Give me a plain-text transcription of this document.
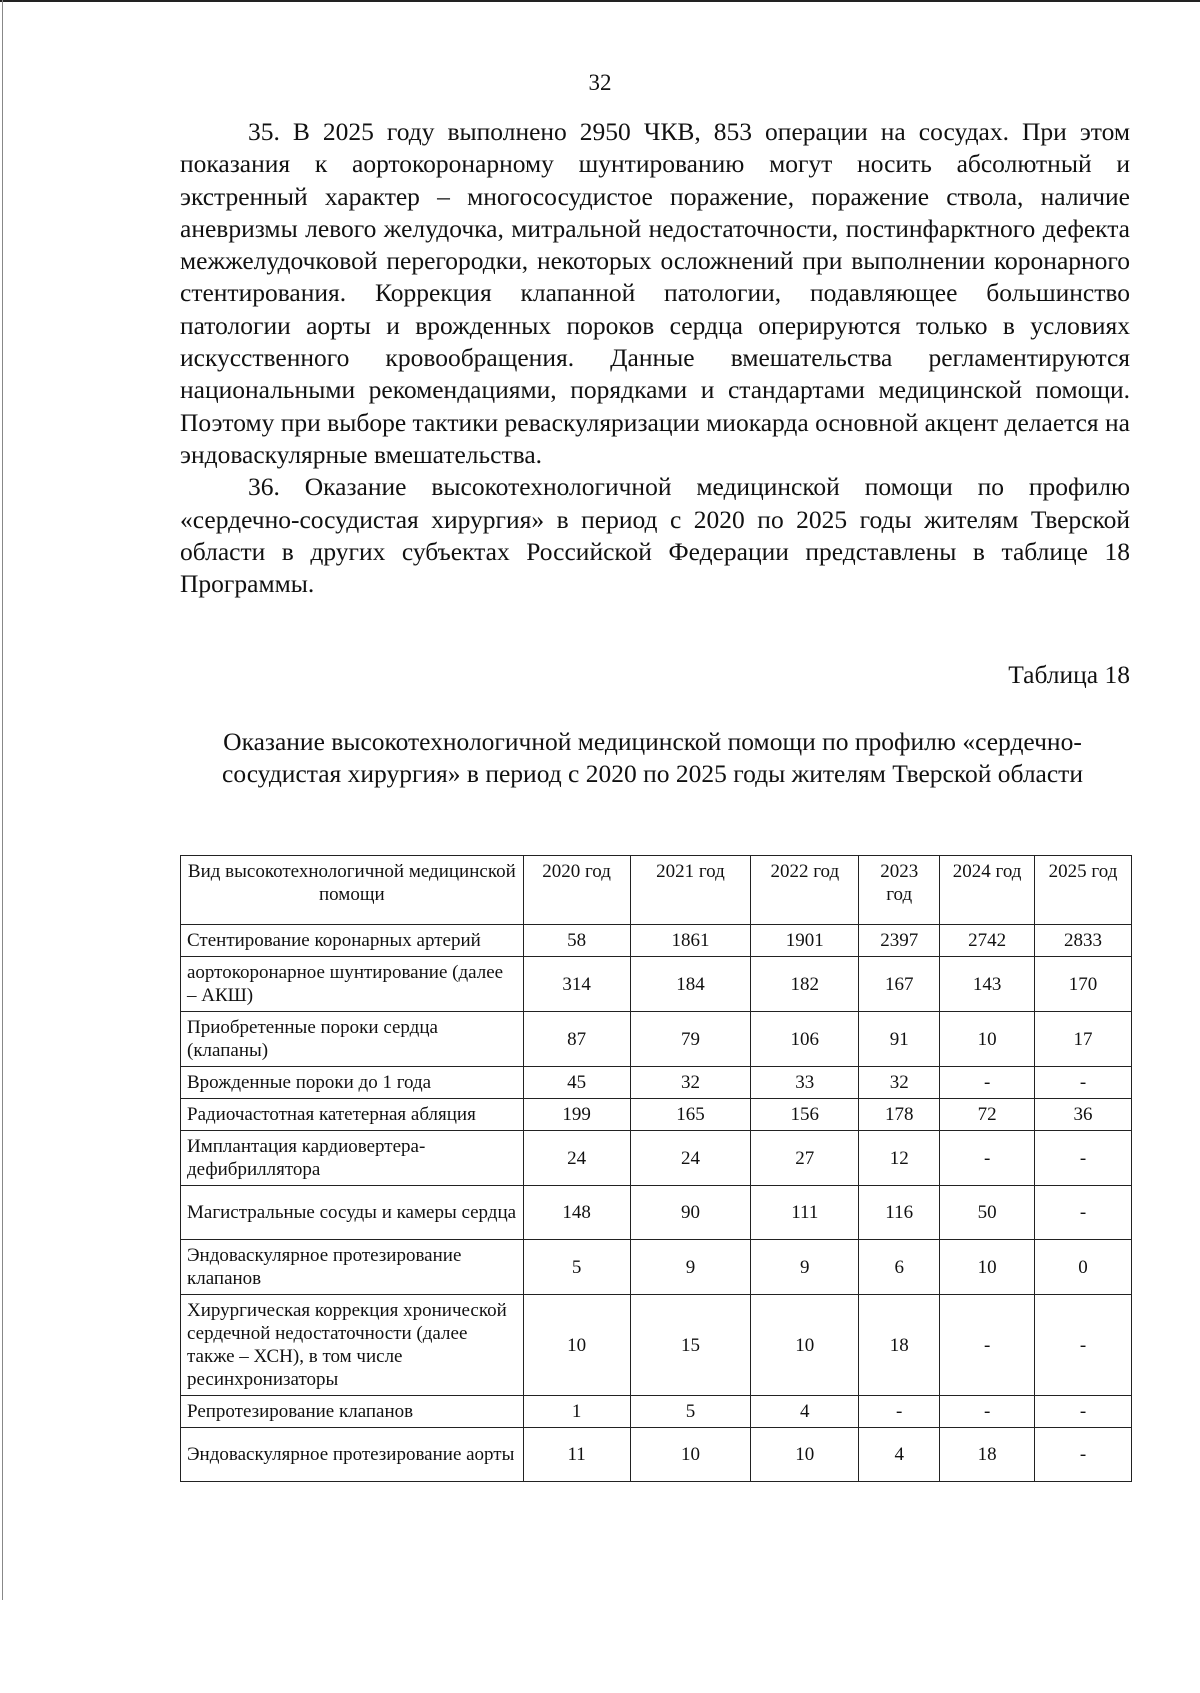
32

35. В 2025 году выполнено 2950 ЧКВ, 853 операции на сосудах. При этом показания к аортокоронарному шунтированию могут носить абсолютный и экстренный характер – многососудистое поражение, поражение ствола, наличие аневризмы левого желудочка, митральной недостаточности, постинфарктного дефекта межжелудочковой перегородки, некоторых осложнений при выполнении коронарного стентирования. Коррекция клапанной патологии, подавляющее большинство патологии аорты и врожденных пороков сердца оперируются только в условиях искусственного кровообращения. Данные вмешательства регламентируются национальными рекомендациями, порядками и стандартами медицинской помощи. Поэтому при выборе тактики реваскуляризации миокарда основной акцент делается на эндоваскулярные вмешательства.

36. Оказание высокотехнологичной медицинской помощи по профилю «сердечно-сосудистая хирургия» в период с 2020 по 2025 годы жителям Тверской области в других субъектах Российской Федерации представлены в таблице 18 Программы.

Таблица 18
Оказание высокотехнологичной медицинской помощи по профилю «сердечно-сосудистая хирургия» в период с 2020 по 2025 годы жителям Тверской области
Вид высокотехнологичной медицинской помощи	2020 год	2021 год	2022 год	2023 год	2024 год	2025 год
Стентирование коронарных артерий	58	1861	1901	2397	2742	2833
аортокоронарное шунтирование (далее – АКШ)	314	184	182	167	143	170
Приобретенные пороки сердца (клапаны)	87	79	106	91	10	17
Врожденные пороки до 1 года	45	32	33	32	-	-
Радиочастотная катетерная абляция	199	165	156	178	72	36
Имплантация кардиовертера-дефибриллятора	24	24	27	12	-	-
Магистральные сосуды и камеры сердца	148	90	111	116	50	-
Эндоваскулярное протезирование клапанов	5	9	9	6	10	0
Хирургическая коррекция хронической сердечной недостаточности (далее также – ХСН), в том числе ресинхронизаторы	10	15	10	18	-	-
Репротезирование клапанов	1	5	4	-	-	-
Эндоваскулярное протезирование аорты	11	10	10	4	18	-
